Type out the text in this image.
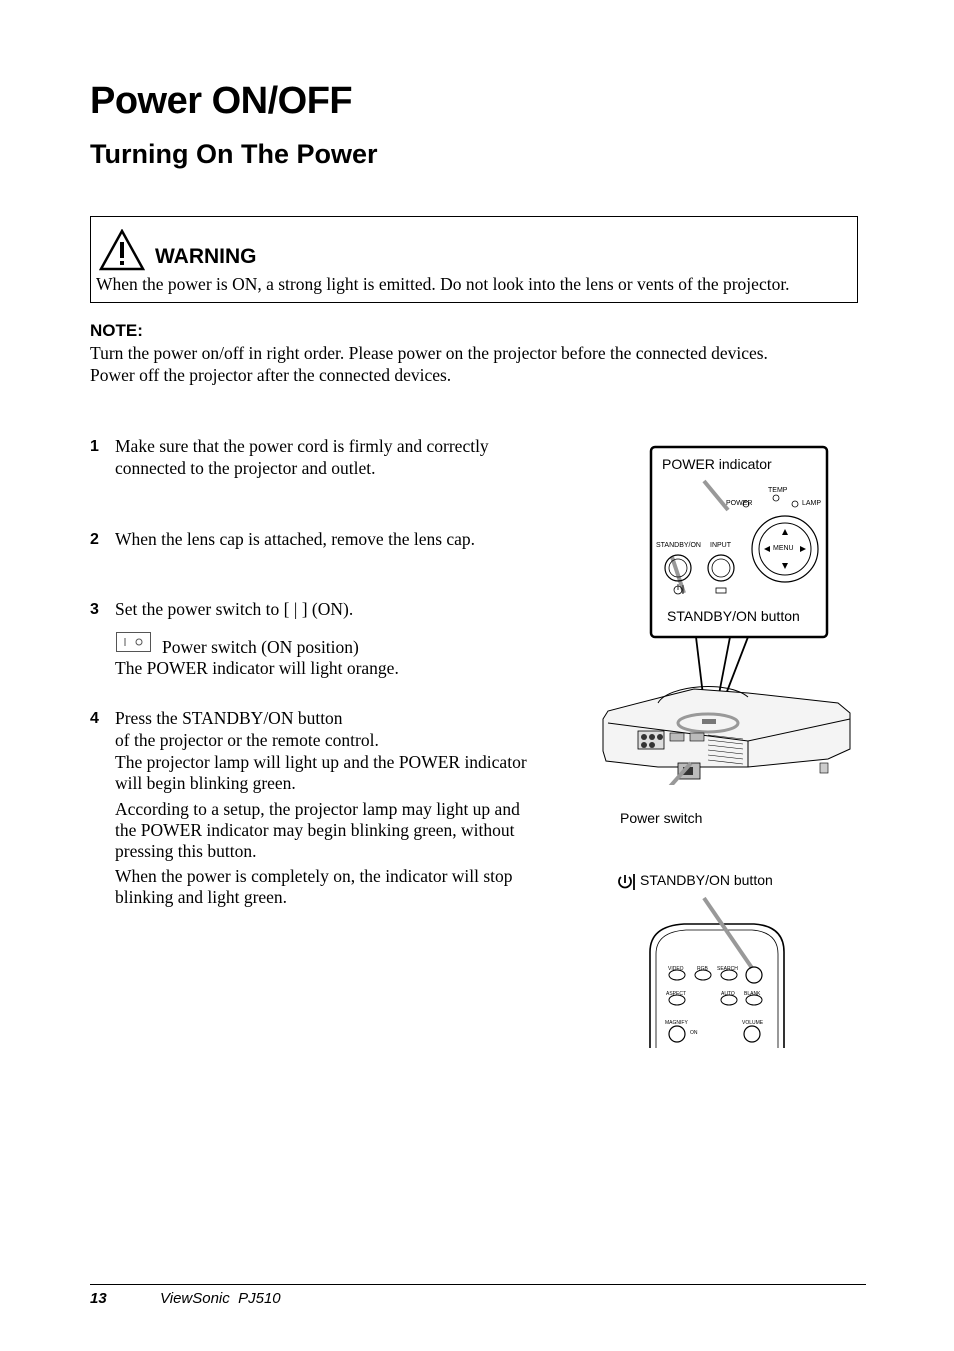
Power ON/OFF
Turning On The Power
WARNING
When the power is ON, a strong light is emitted. Do not look into the lens or vents of the projector.
NOTE:
Turn the power on/off in right order. Please power on the projector before the connected devices.
Power off the projector after the connected devices.
1 Make sure that the power cord is firmly and correctly
connected to the projector and outlet.
2 When the lens cap is attached, remove the lens cap.
3 Set the power switch to [ | ] (ON).
Power switch (ON position)
The POWER indicator will light orange.
4 Press the STANDBY/ON button
of the projector or the remote control.
The projector lamp will light up and the POWER indicator
will begin blinking green.
According to a setup, the projector lamp may light up and
the POWER indicator may begin blinking green, without
pressing this button.
When the power is completely on, the indicator will stop
blinking and light green.
POWER indicator
STANDBY/ON button
TEMP
POWER	LAMP
STANDBY/ON INPUT	MENU
Power switch
STANDBY/ON button
VIDEO	RGB SEARCH
ASPECT	AUTO BLANK
MAGNIFY
ON
VOLUME
13	ViewSonic  PJ510
